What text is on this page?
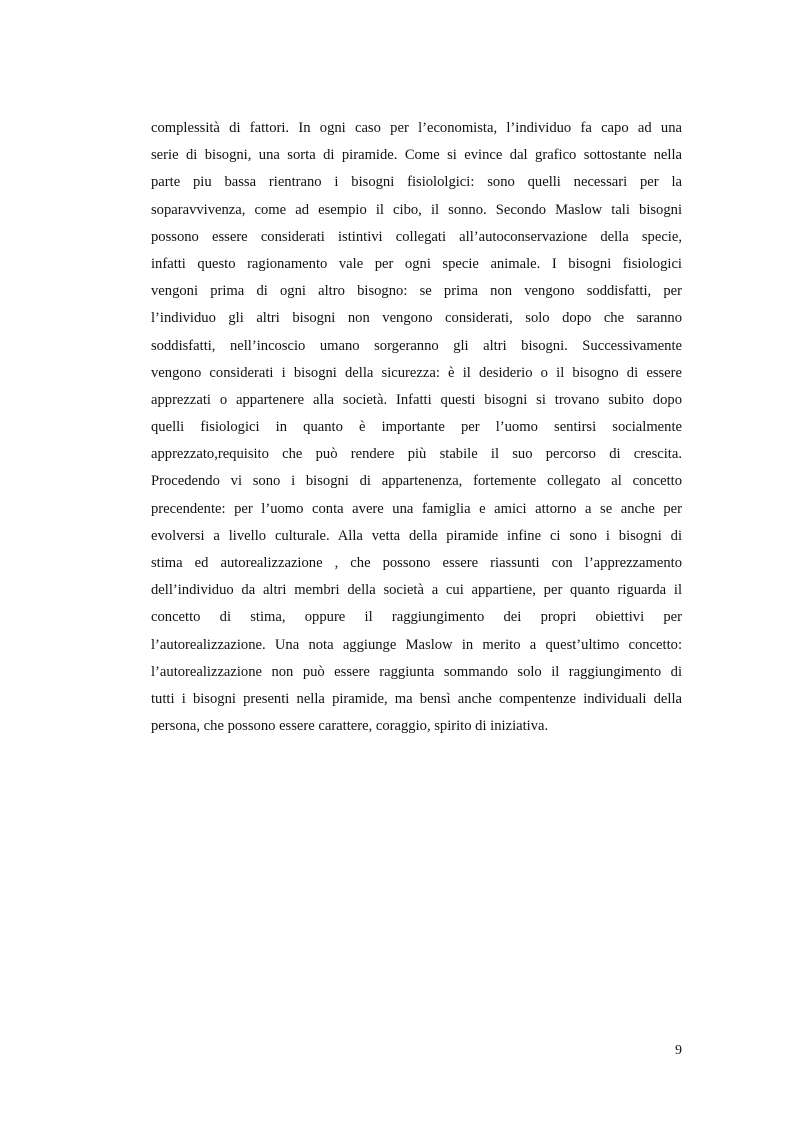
complessità di fattori. In ogni caso per l’economista, l’individuo fa capo ad una
serie di bisogni, una sorta di piramide. Come si evince dal grafico sottostante nella
parte piu bassa rientrano i bisogni fisiololgici: sono quelli necessari per la
soparavvivenza, come ad esempio il cibo, il sonno. Secondo Maslow tali bisogni
possono essere considerati istintivi collegati all’autoconservazione della specie,
infatti questo ragionamento vale per ogni specie animale. I bisogni fisiologici
vengoni prima di ogni altro bisogno: se prima non vengono soddisfatti, per
l’individuo gli altri bisogni non vengono considerati, solo dopo che saranno
soddisfatti, nell’incoscio umano sorgeranno gli altri bisogni. Successivamente
vengono considerati i bisogni della sicurezza: è il desiderio o il bisogno di essere
apprezzati o appartenere alla società. Infatti questi bisogni si trovano subito dopo
quelli fisiologici in quanto è importante per l’uomo sentirsi socialmente
apprezzato,requisito che può rendere più stabile il suo percorso di crescita.
Procedendo vi sono i bisogni di appartenenza, fortemente collegato al concetto
precendente: per l’uomo conta avere una famiglia e amici attorno a se anche per
evolversi a livello culturale. Alla vetta della piramide infine ci sono i bisogni di
stima ed autorealizzazione , che possono essere riassunti con l’apprezzamento
dell’individuo da altri membri della società a cui appartiene, per quanto riguarda il
concetto di stima, oppure il raggiungimento dei propri obiettivi per
l’autorealizzazione. Una nota aggiunge Maslow in merito a quest’ultimo concetto:
l’autorealizzazione non può essere raggiunta sommando solo il raggiungimento di
tutti i bisogni presenti nella piramide, ma bensì anche compentenze individuali della
persona, che possono essere carattere, coraggio, spirito di iniziativa.
9
